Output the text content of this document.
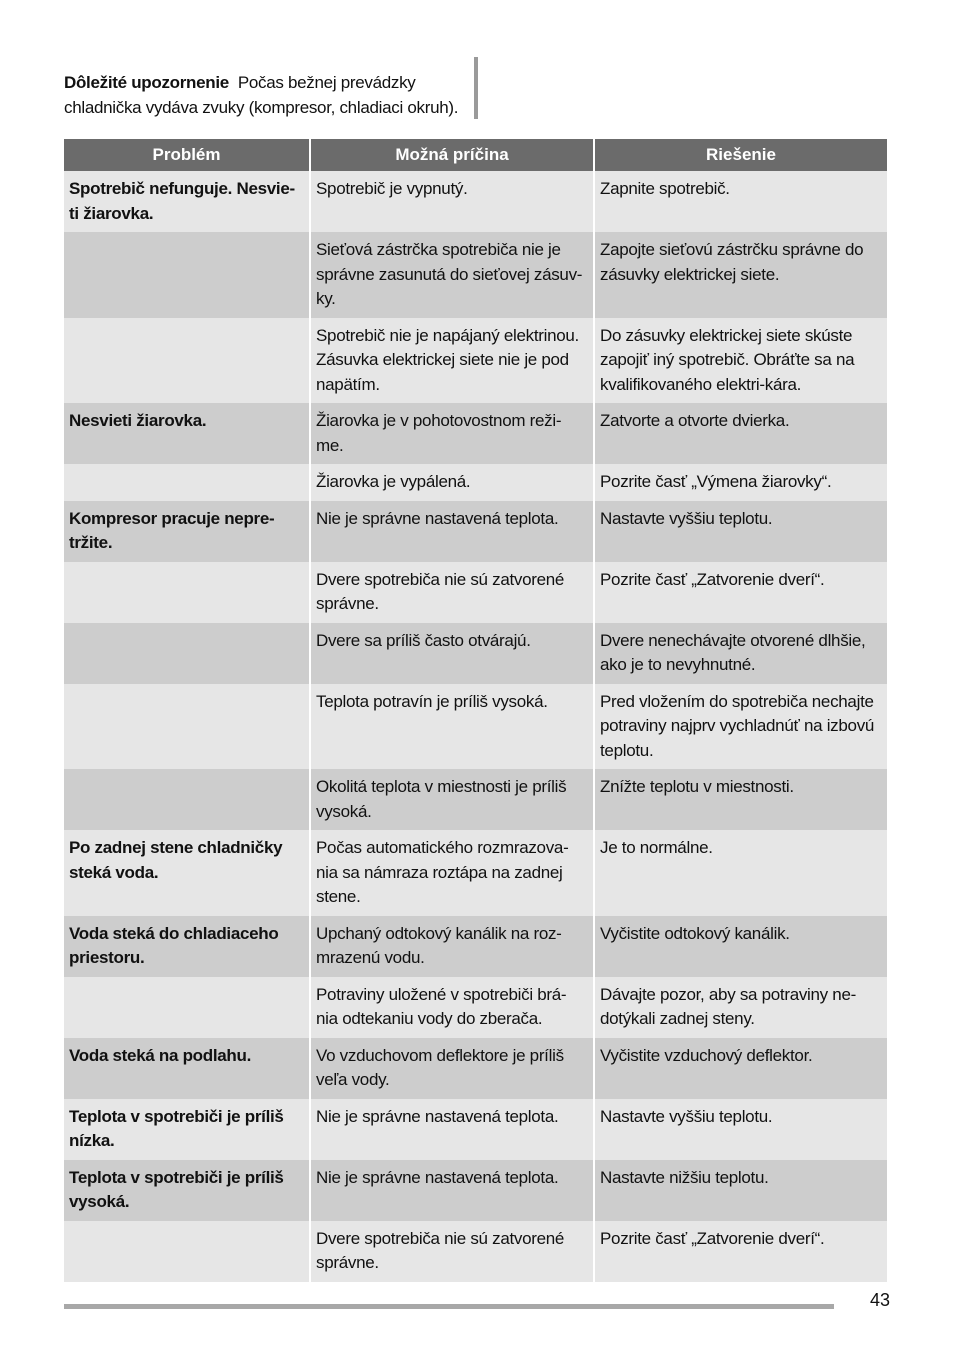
Dôležité upozornenie Počas bežnej prevádzky chladnička vydáva zvuky (kompresor, chladiaci okruh).
Problém	Možná príčina	Riešenie
Spotrebič nefunguje. Nesvie-ti žiarovka.	Spotrebič je vypnutý.	Zapnite spotrebič.
	Sieťová zástrčka spotrebiča nie je správne zasunutá do sieťovej zásuv-ky.	Zapojte sieťovú zástrčku správne do zásuvky elektrickej siete.
	Spotrebič nie je napájaný elektrinou. Zásuvka elektrickej siete nie je pod napätím.	Do zásuvky elektrickej siete skúste zapojiť iný spotrebič. Obráťte sa na kvalifikovaného elektri-kára.
Nesvieti žiarovka.	Žiarovka je v pohotovostnom reži-me.	Zatvorte a otvorte dvierka.
	Žiarovka je vypálená.	Pozrite časť „Výmena žiarovky“.
Kompresor pracuje nepre-tržite.	Nie je správne nastavená teplota.	Nastavte vyššiu teplotu.
	Dvere spotrebiča nie sú zatvorené správne.	Pozrite časť „Zatvorenie dverí“.
	Dvere sa príliš často otvárajú.	Dvere nenechávajte otvorené dlhšie, ako je to nevyhnutné.
	Teplota potravín je príliš vysoká.	Pred vložením do spotrebiča nechajte potraviny najprv vychladnúť na izbovú teplotu.
	Okolitá teplota v miestnosti je príliš vysoká.	Znížte teplotu v miestnosti.
Po zadnej stene chladničky steká voda.	Počas automatického rozmrazova-nia sa námraza roztápa na zadnej stene.	Je to normálne.
Voda steká do chladiaceho priestoru.	Upchaný odtokový kanálik na roz-mrazenú vodu.	Vyčistite odtokový kanálik.
	Potraviny uložené v spotrebiči brá-nia odtekaniu vody do zberača.	Dávajte pozor, aby sa potraviny ne-dotýkali zadnej steny.
Voda steká na podlahu.	Vo vzduchovom deflektore je príliš veľa vody.	Vyčistite vzduchový deflektor.
Teplota v spotrebiči je príliš nízka.	Nie je správne nastavená teplota.	Nastavte vyššiu teplotu.
Teplota v spotrebiči je príliš vysoká.	Nie je správne nastavená teplota.	Nastavte nižšiu teplotu.
	Dvere spotrebiča nie sú zatvorené správne.	Pozrite časť „Zatvorenie dverí“.
43
